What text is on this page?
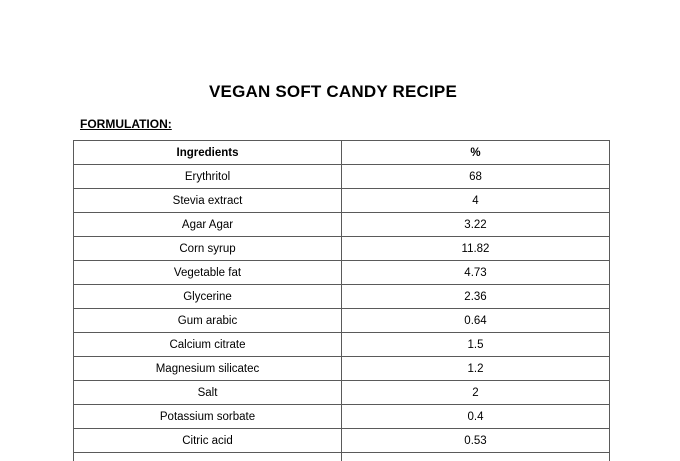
VEGAN SOFT CANDY RECIPE
FORMULATION:
Ingredients	%
Erythritol	68
Stevia extract	4
Agar Agar	3.22
Corn syrup	11.82
Vegetable fat	4.73
Glycerine	2.36
Gum arabic	0.64
Calcium citrate	1.5
Magnesium silicatec	1.2
Salt	2
Potassium sorbate	0.4
Citric acid	0.53
